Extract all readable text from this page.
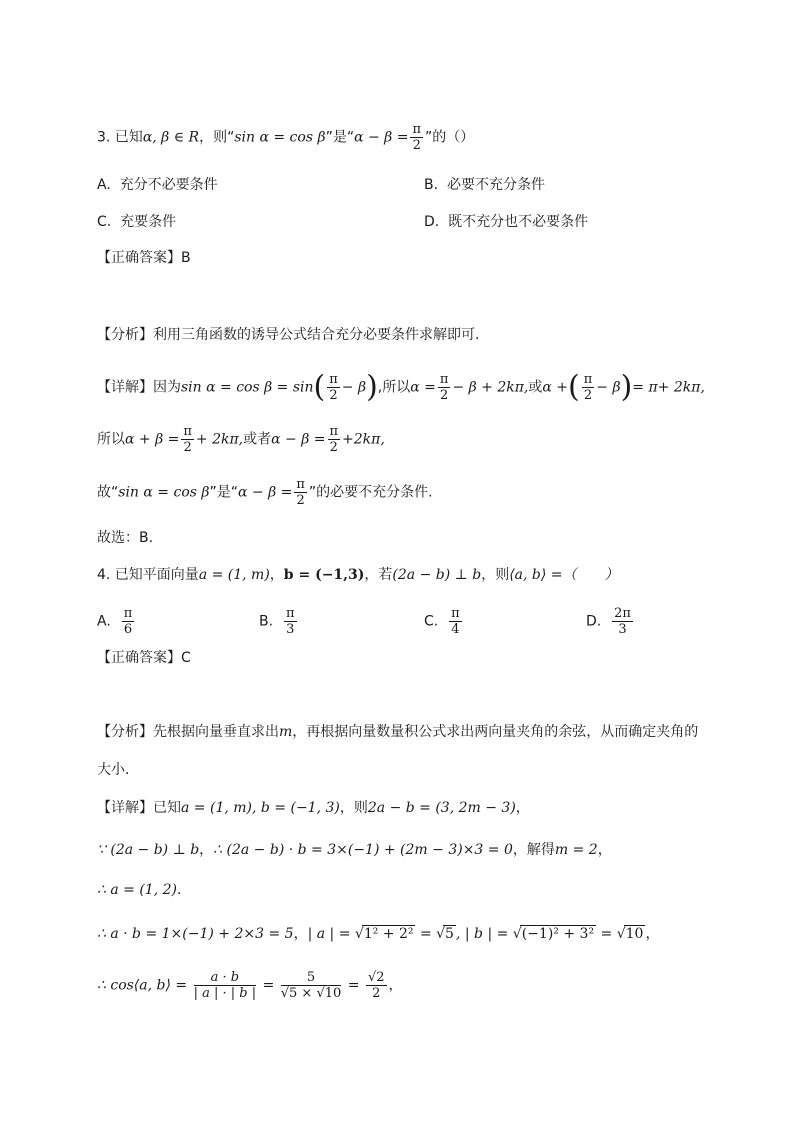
3. 已知α, β ∈ R，则“sin α = cos β”是“$\alpha - \beta = \frac{\pi}{2}$ ”的（）
A. 充分不必要条件	B. 必要不充分条件
C. 充要条件	D. 既不充分也不必要条件
【正确答案】B
【分析】利用三角函数的诱导公式结合充分必要条件求解即可.
【详解】因为$\sin \alpha = \cos \beta = \sin( \frac{\pi}{2} - \beta)$,所以$\alpha = \frac{\pi}{2} - \beta + 2k\pi$,或α +( $\frac{\pi}{2} - \beta)= \pi+ 2k\pi$,
所以$\alpha + \beta = \frac{\pi}{2} + 2k\pi$,或者$\alpha - \beta = \frac{\pi}{2} +2k\pi$,
故“sin α = cos β”是“$\alpha - \beta = \frac{\pi}{2}$ ”的必要不充分条件.
故选：B.
4. 已知平面向量a = (1, m)，b = (−1,3)，若(2a − b) ⊥ b，则⟨a, b⟩ =（　　）
A. $\frac{\pi}{6}$	B. $\frac{\pi}{3}$	C. $\frac{\pi}{4}$	D. $\frac{2\pi}{3}$
【正确答案】C
【分析】先根据向量垂直求出m，再根据向量数量积公式求出两向量夹角的余弦，从而确定夹角的
大小．
【详解】已知a = (1, m), b = (−1, 3)，则2a − b = (3, 2m − 3)，
∵ (2a − b) ⊥ b，∴ (2a − b) · b = 3×(−1) + (2m − 3)×3 = 0，解得m = 2，
∴ a = (1, 2)．
∴ a · b = 1×(−1) + 2×3 = 5，| a | = √1² + 2² = √5 , | b | = √(−1)² + 3² = √10 ，
∴ cos⟨a, b⟩ = $\frac{a \cdot b}{| a | \cdot | b |} = \frac{5}{√5 \times √10} = \frac{√2}{2}$ ，
